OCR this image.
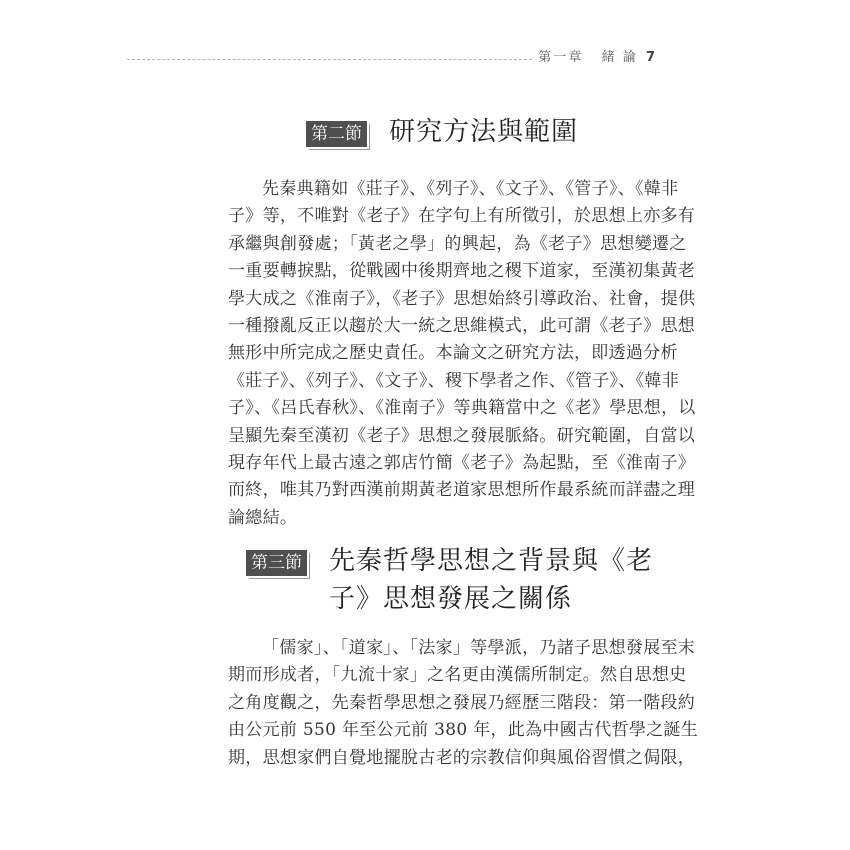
第一章 緒 論 7
第二節 研究方法與範圍
先秦典籍如《莊子》、《列子》、《文子》、《管子》、《韓非
子》等，不唯對《老子》在字句上有所徵引，於思想上亦多有
承繼與創發處；「黃老之學」的興起，為《老子》思想變遷之
一重要轉捩點，從戰國中後期齊地之稷下道家，至漢初集黃老
學大成之《淮南子》，《老子》思想始終引導政治、社會，提供
一種撥亂反正以趨於大一統之思維模式，此可謂《老子》思想
無形中所完成之歷史責任。本論文之研究方法，即透過分析
《莊子》、《列子》、《文子》、稷下學者之作、《管子》、《韓非
子》、《呂氏春秋》、《淮南子》等典籍當中之《老》學思想，以
呈顯先秦至漢初《老子》思想之發展脈絡。研究範圍，自當以
現存年代上最古遠之郭店竹簡《老子》為起點，至《淮南子》
而終，唯其乃對西漢前期黃老道家思想所作最系統而詳盡之理
論總結。
第三節 先秦哲學思想之背景與《老
子》思想發展之關係
「儒家」、「道家」、「法家」等學派，乃諸子思想發展至末
期而形成者，「九流十家」之名更由漢儒所制定。然自思想史
之角度觀之，先秦哲學思想之發展乃經歷三階段：第一階段約
由公元前 550 年至公元前 380 年，此為中國古代哲學之誕生
期，思想家們自覺地擺脫古老的宗教信仰與風俗習慣之侷限，
